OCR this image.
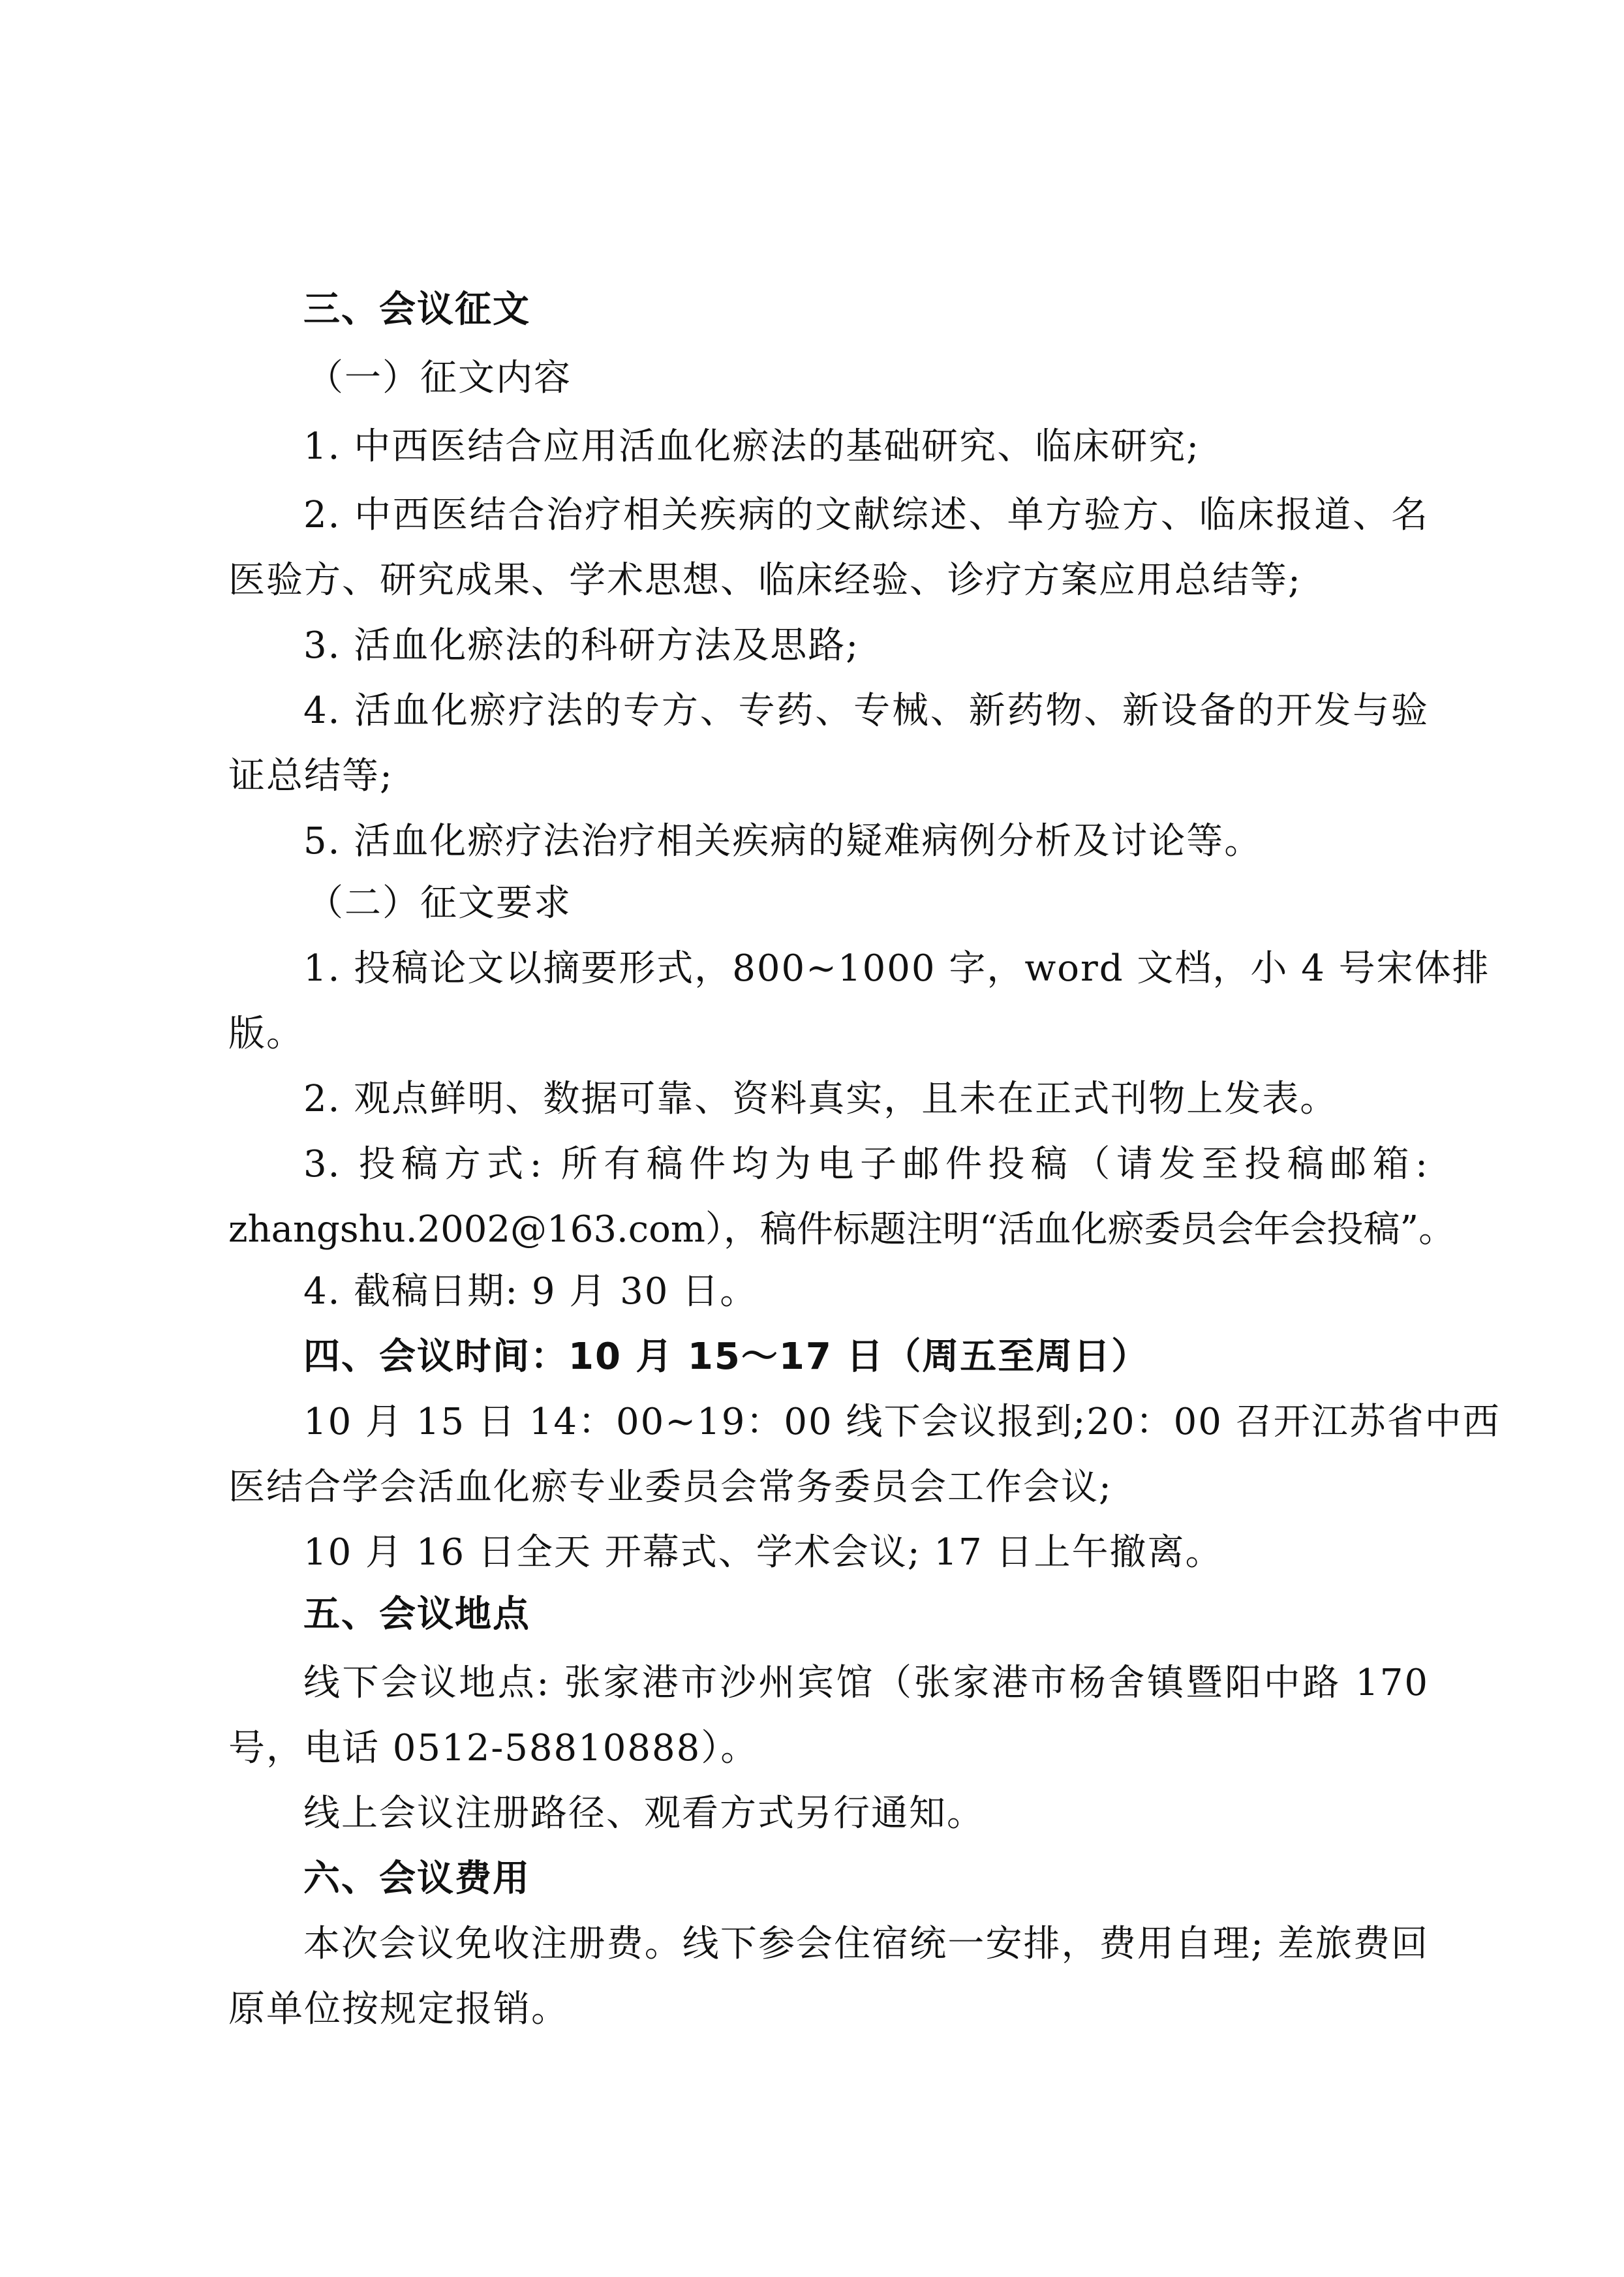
三、会议征文
（一）征文内容
1. 中西医结合应用活血化瘀法的基础研究、临床研究;
2. 中西医结合治疗相关疾病的文献综述、单方验方、临床报道、名
医验方、研究成果、学术思想、临床经验、诊疗方案应用总结等;
3. 活血化瘀法的科研方法及思路;
4. 活血化瘀疗法的专方、专药、专械、新药物、新设备的开发与验
证总结等;
5. 活血化瘀疗法治疗相关疾病的疑难病例分析及讨论等。
（二）征文要求
1. 投稿论文以摘要形式，800~1000 字，word 文档，小 4 号宋体排
版。
2. 观点鲜明、数据可靠、资料真实，且未在正式刊物上发表。
3. 投稿方式: 所有稿件均为电子邮件投稿（请发至投稿邮箱:
zhangshu.2002@163.com），稿件标题注明“活血化瘀委员会年会投稿”。
4. 截稿日期: 9 月 30 日。
四、会议时间：10 月 15～17 日（周五至周日）
10 月 15 日 14：00~19：00 线下会议报到;20：00 召开江苏省中西
医结合学会活血化瘀专业委员会常务委员会工作会议;
10 月 16 日全天 开幕式、学术会议; 17 日上午撤离。
五、会议地点
线下会议地点: 张家港市沙州宾馆（张家港市杨舍镇暨阳中路 170
号，电话 0512-58810888）。
线上会议注册路径、观看方式另行通知。
六、会议费用
本次会议免收注册费。线下参会住宿统一安排，费用自理; 差旅费回
原单位按规定报销。
